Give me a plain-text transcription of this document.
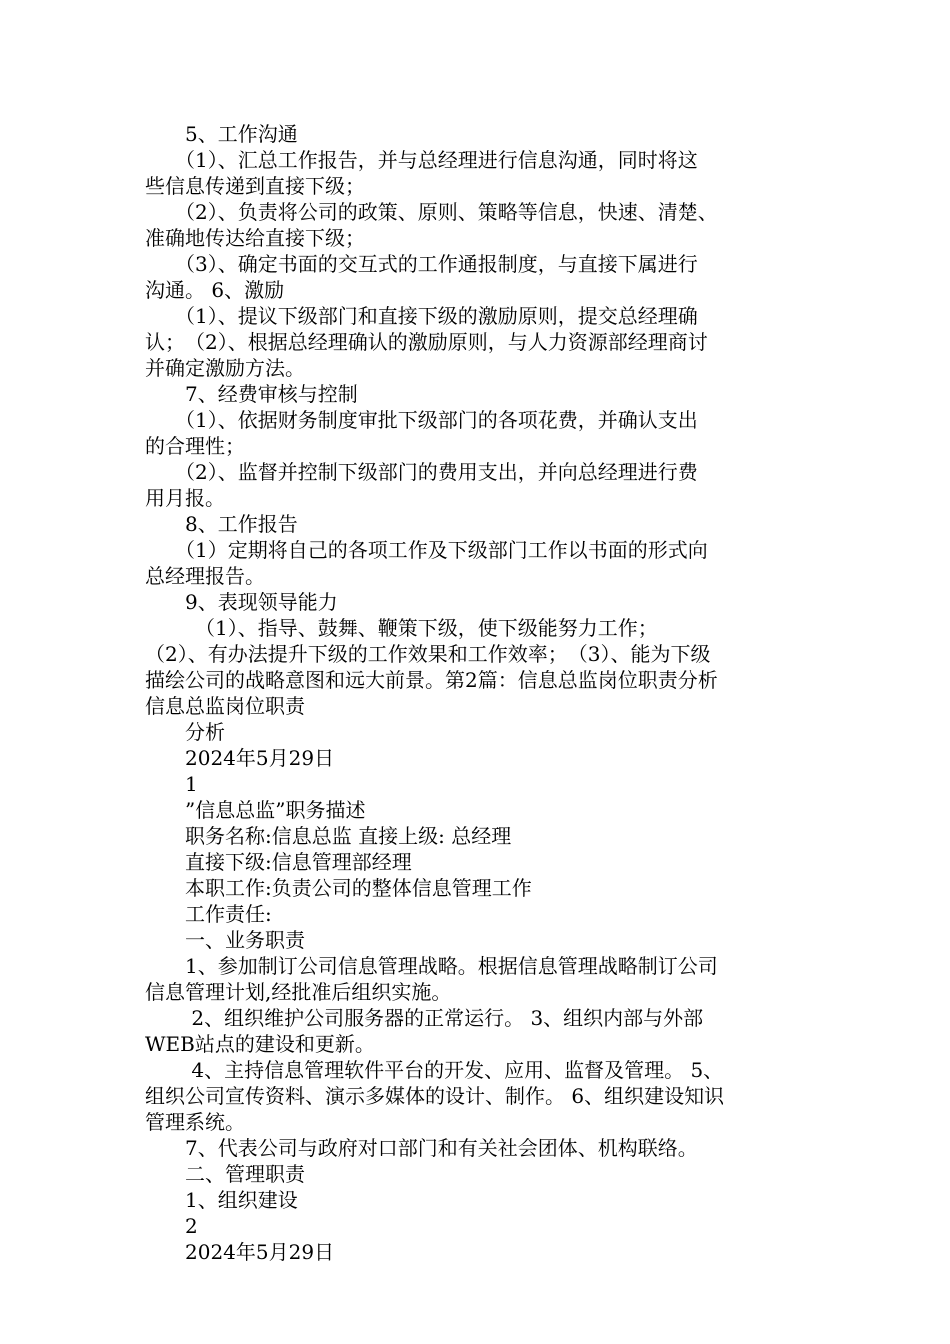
　　5、工作沟通
　　（1）、汇总工作报告，并与总经理进行信息沟通，同时将这
些信息传递到直接下级；
　　（2）、负责将公司的政策、原则、策略等信息，快速、清楚、
准确地传达给直接下级；
　　（3）、确定书面的交互式的工作通报制度，与直接下属进行
沟通。 6、激励
　　（1）、提议下级部门和直接下级的激励原则，提交总经理确
认；　（2）、根据总经理确认的激励原则，与人力资源部经理商讨
并确定激励方法。
　　7、经费审核与控制
　　（1）、依据财务制度审批下级部门的各项花费，并确认支出
的合理性；
　　（2）、监督并控制下级部门的费用支出，并向总经理进行费
用月报。
　　8、工作报告
　　（1）定期将自己的各项工作及下级部门工作以书面的形式向
总经理报告。
　　9、表现领导能力
　　　（1）、指导、鼓舞、鞭策下级，使下级能努力工作；
（2）、有办法提升下级的工作效果和工作效率；　（3）、能为下级
描绘公司的战略意图和远大前景。第2篇：信息总监岗位职责分析
信息总监岗位职责
　　分析
　　2024年5月29日
　　1
　　”信息总监”职务描述
　　职务名称:信息总监 直接上级: 总经理
　　直接下级:信息管理部经理
　　本职工作:负责公司的整体信息管理工作
　　工作责任:
　　一、业务职责
　　1、参加制订公司信息管理战略。根据信息管理战略制订公司
信息管理计划,经批准后组织实施。
　　 2、组织维护公司服务器的正常运行。 3、组织内部与外部
WEB站点的建设和更新。
　　 4、主持信息管理软件平台的开发、应用、监督及管理。 5、
组织公司宣传资料、演示多媒体的设计、制作。 6、组织建设知识
管理系统。
　　7、代表公司与政府对口部门和有关社会团体、机构联络。
　　二、管理职责
　　1、组织建设
　　2
　　2024年5月29日
